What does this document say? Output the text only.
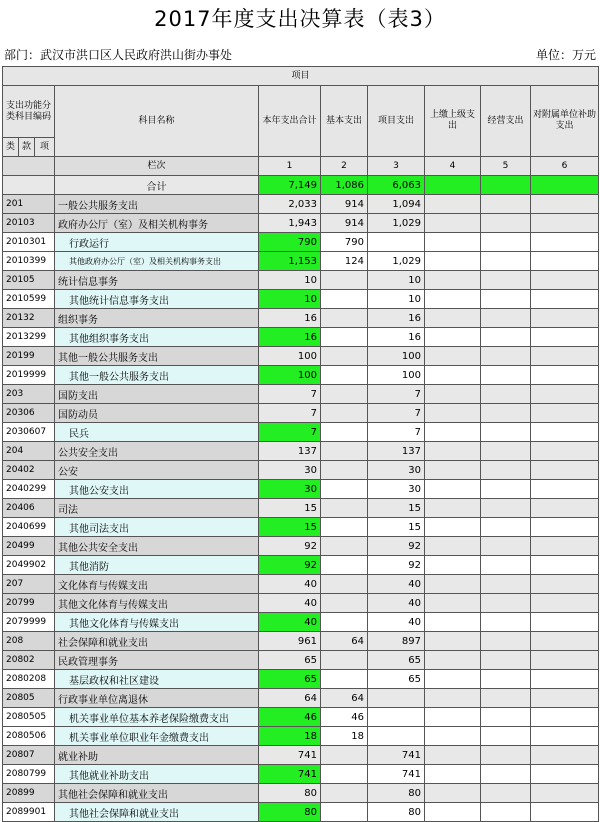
2017年度支出决算表（表3）
部门：武汉市洪口区人民政府洪山街办事处	单位：万元
项目									
支出功能分类科目编码			科目名称	本年支出合计	基本支出	项目支出	上缴上级支出	经营支出	对附属单位补助支出
类	款	项							
			栏次	1	2	3	4	5	6
			合计	7,149	1,086	6,063			
201			一般公共服务支出	2,033	914	1,094			
20103			政府办公厅（室）及相关机构事务	1,943	914	1,029			
2010301			行政运行	790	790				
2010399			其他政府办公厅（室）及相关机构事务支出	1,153	124	1,029			
20105			统计信息事务	10		10			
2010599			其他统计信息事务支出	10		10			
20132			组织事务	16		16			
2013299			其他组织事务支出	16		16			
20199			其他一般公共服务支出	100		100			
2019999			其他一般公共服务支出	100		100			
203			国防支出	7		7			
20306			国防动员	7		7			
2030607			民兵	7		7			
204			公共安全支出	137		137			
20402			公安	30		30			
2040299			其他公安支出	30		30			
20406			司法	15		15			
2040699			其他司法支出	15		15			
20499			其他公共安全支出	92		92			
2049902			其他消防	92		92			
207			文化体育与传媒支出	40		40			
20799			其他文化体育与传媒支出	40		40			
2079999			其他文化体育与传媒支出	40		40			
208			社会保障和就业支出	961	64	897			
20802			民政管理事务	65		65			
2080208			基层政权和社区建设	65		65			
20805			行政事业单位离退休	64	64				
2080505			机关事业单位基本养老保险缴费支出	46	46				
2080506			机关事业单位职业年金缴费支出	18	18				
20807			就业补助	741		741			
2080799			其他就业补助支出	741		741			
20899			其他社会保障和就业支出	80		80			
2089901			其他社会保障和就业支出	80		80			
